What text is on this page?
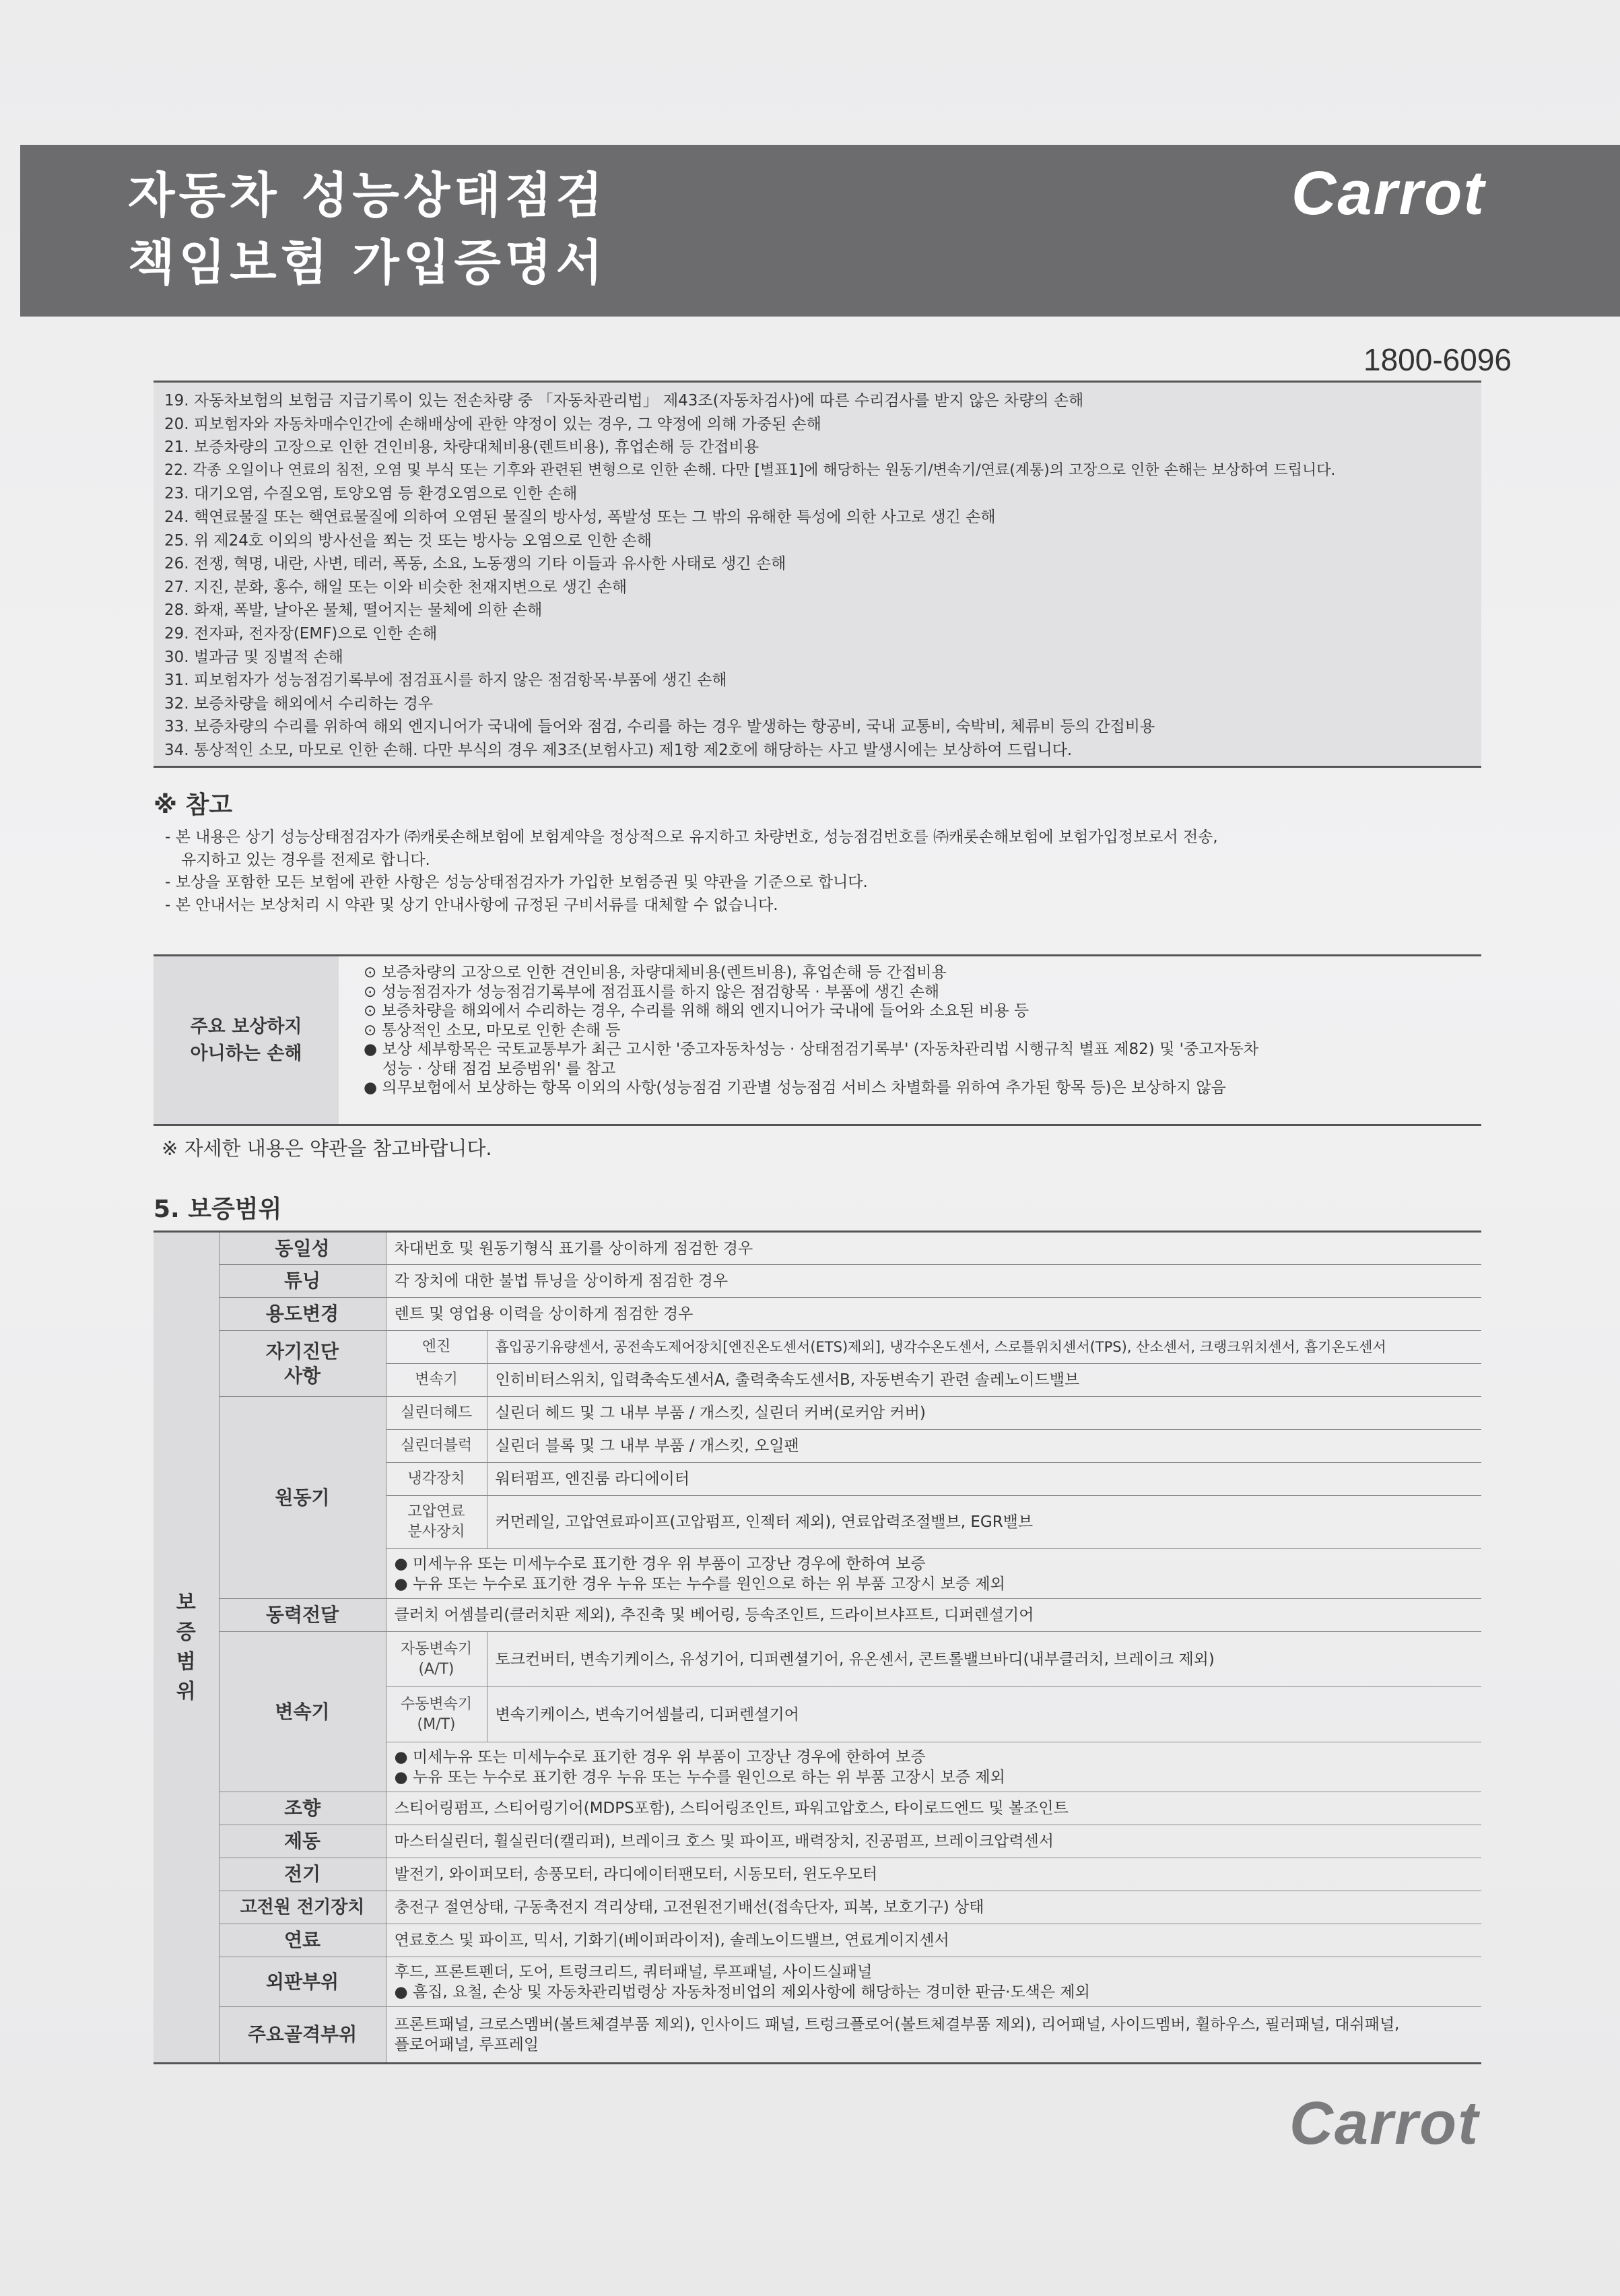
자동차 성능상태점검
책임보험 가입증명서
Carrot
1800-6096
19. 자동차보험의 보험금 지급기록이 있는 전손차량 중 「자동차관리법」 제43조(자동차검사)에 따른 수리검사를 받지 않은 차량의 손해
20. 피보험자와 자동차매수인간에 손해배상에 관한 약정이 있는 경우, 그 약정에 의해 가중된 손해
21. 보증차량의 고장으로 인한 견인비용, 차량대체비용(렌트비용), 휴업손해 등 간접비용
22. 각종 오일이나 연료의 침전, 오염 및 부식 또는 기후와 관련된 변형으로 인한 손해. 다만 [별표1]에 해당하는 원동기/변속기/연료(계통)의 고장으로 인한 손해는 보상하여 드립니다.
23. 대기오염, 수질오염, 토양오염 등 환경오염으로 인한 손해
24. 핵연료물질 또는 핵연료물질에 의하여 오염된 물질의 방사성, 폭발성 또는 그 밖의 유해한 특성에 의한 사고로 생긴 손해
25. 위 제24호 이외의 방사선을 쬐는 것 또는 방사능 오염으로 인한 손해
26. 전쟁, 혁명, 내란, 사변, 테러, 폭동, 소요, 노동쟁의 기타 이들과 유사한 사태로 생긴 손해
27. 지진, 분화, 홍수, 해일 또는 이와 비슷한 천재지변으로 생긴 손해
28. 화재, 폭발, 날아온 물체, 떨어지는 물체에 의한 손해
29. 전자파, 전자장(EMF)으로 인한 손해
30. 벌과금 및 징벌적 손해
31. 피보험자가 성능점검기록부에 점검표시를 하지 않은 점검항목·부품에 생긴 손해
32. 보증차량을 해외에서 수리하는 경우
33. 보증차량의 수리를 위하여 해외 엔지니어가 국내에 들어와 점검, 수리를 하는 경우 발생하는 항공비, 국내 교통비, 숙박비, 체류비 등의 간접비용
34. 통상적인 소모, 마모로 인한 손해. 다만 부식의 경우 제3조(보험사고) 제1항 제2호에 해당하는 사고 발생시에는 보상하여 드립니다.
※ 참고
- 본 내용은 상기 성능상태점검자가 ㈜캐롯손해보험에 보험계약을 정상적으로 유지하고 차량번호, 성능점검번호를 ㈜캐롯손해보험에 보험가입정보로서 전송,
유지하고 있는 경우를 전제로 합니다.
- 보상을 포함한 모든 보험에 관한 사항은 성능상태점검자가 가입한 보험증권 및 약관을 기준으로 합니다.
- 본 안내서는 보상처리 시 약관 및 상기 안내사항에 규정된 구비서류를 대체할 수 없습니다.
주요 보상하지
아니하는 손해
⊙ 보증차량의 고장으로 인한 견인비용, 차량대체비용(렌트비용), 휴업손해 등 간접비용
⊙ 성능점검자가 성능점검기록부에 점검표시를 하지 않은 점검항목 · 부품에 생긴 손해
⊙ 보증차량을 해외에서 수리하는 경우, 수리를 위해 해외 엔지니어가 국내에 들어와 소요된 비용 등
⊙ 통상적인 소모, 마모로 인한 손해 등
● 보상 세부항목은 국토교통부가 최근 고시한 '중고자동차성능 · 상태점검기록부' (자동차관리법 시행규칙 별표 제82) 및 '중고자동차
성능 · 상태 점검 보증범위' 를 참고
● 의무보험에서 보상하는 항목 이외의 사항(성능점검 기관별 성능점검 서비스 차별화를 위하여 추가된 항목 등)은 보상하지 않음
※ 자세한 내용은 약관을 참고바랍니다.
5. 보증범위
보
증
범
위	동일성	차대번호 및 원동기형식 표기를 상이하게 점검한 경우	
	튜닝	각 장치에 대한 불법 튜닝을 상이하게 점검한 경우	
	용도변경	렌트 및 영업용 이력을 상이하게 점검한 경우	

	자기진단
사항	엔진	흡입공기유량센서, 공전속도제어장치[엔진온도센서(ETS)제외], 냉각수온도센서, 스로틀위치센서(TPS), 산소센서, 크랭크위치센서, 흡기온도센서
		변속기	인히비터스위치, 입력축속도센서A, 출력축속도센서B, 자동변속기 관련 솔레노이드밸브
	원동기	실린더헤드	실린더 헤드 및 그 내부 부품 / 개스킷, 실린더 커버(로커암 커버)
		실린더블럭	실린더 블록 및 그 내부 부품 / 개스킷, 오일팬
		냉각장치	워터펌프, 엔진룸 라디에이터

		고압연료
분사장치	커먼레일, 고압연료파이프(고압펌프, 인젝터 제외), 연료압력조절밸브, EGR밸브

		● 미세누유 또는 미세누수로 표기한 경우 위 부품이 고장난 경우에 한하여 보증
● 누유 또는 누수로 표기한 경우 누유 또는 누수를 원인으로 하는 위 부품 고장시 보증 제외	

	동력전달	클러치 어셈블리(클러치판 제외), 추진축 및 베어링, 등속조인트, 드라이브샤프트, 디퍼렌셜기어	
	변속기	자동변속기
(A/T)	토크컨버터, 변속기케이스, 유성기어, 디퍼렌셜기어, 유온센서, 콘트롤밸브바디(내부클러치, 브레이크 제외)

		수동변속기
(M/T)	변속기케이스, 변속기어셈블리, 디퍼렌셜기어

		● 미세누유 또는 미세누수로 표기한 경우 위 부품이 고장난 경우에 한하여 보증
● 누유 또는 누수로 표기한 경우 누유 또는 누수를 원인으로 하는 위 부품 고장시 보증 제외	

	조향	스티어링펌프, 스티어링기어(MDPS포함), 스티어링조인트, 파워고압호스, 타이로드엔드 및 볼조인트	
	제동	마스터실린더, 휠실린더(캘리퍼), 브레이크 호스 및 파이프, 배력장치, 진공펌프, 브레이크압력센서	
	전기	발전기, 와이퍼모터, 송풍모터, 라디에이터팬모터, 시동모터, 윈도우모터	
	고전원 전기장치	충전구 절연상태, 구동축전지 격리상태, 고전원전기배선(접속단자, 피복, 보호기구) 상태	
	연료	연료호스 및 파이프, 믹서, 기화기(베이퍼라이저), 솔레노이드밸브, 연료게이지센서	
	외판부위	후드, 프론트펜더, 도어, 트렁크리드, 쿼터패널, 루프패널, 사이드실패널
● 흠집, 요철, 손상 및 자동차관리법령상 자동차정비업의 제외사항에 해당하는 경미한 판금·도색은 제외	

	주요골격부위	프론트패널, 크로스멤버(볼트체결부품 제외), 인사이드 패널, 트렁크플로어(볼트체결부품 제외), 리어패널, 사이드멤버, 휠하우스, 필러패널, 대쉬패널,
플로어패널, 루프레일	
Carrot
